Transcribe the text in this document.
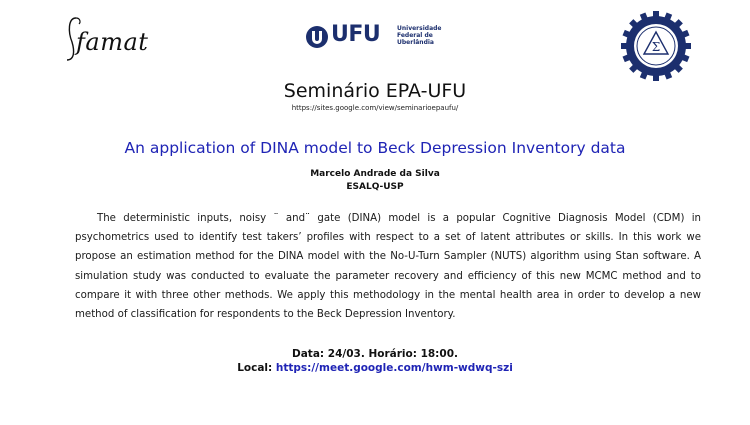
famat	UFU	Universidade Federal de Uberlândia	Σ
Seminário EPA-UFU
https://sites.google.com/view/seminarioepaufu/
An application of DINA model to Beck Depression Inventory data
Marcelo Andrade da Silva
ESALQ-USP
The deterministic inputs, noisy ¨ and¨ gate (DINA) model is a popular Cognitive Diagnosis Model (CDM) in psychometrics used to identify test takers’ profiles with respect to a set of latent attributes or skills. In this work we propose an estimation method for the DINA model with the No-U-Turn Sampler (NUTS) algorithm using Stan software. A simulation study was conducted to evaluate the parameter recovery and efficiency of this new MCMC method and to compare it with three other methods. We apply this methodology in the mental health area in order to develop a new method of classification for respondents to the Beck Depression Inventory.
Data: 24/03. Horário: 18:00.
Local: https://meet.google.com/hwm-wdwq-szi
